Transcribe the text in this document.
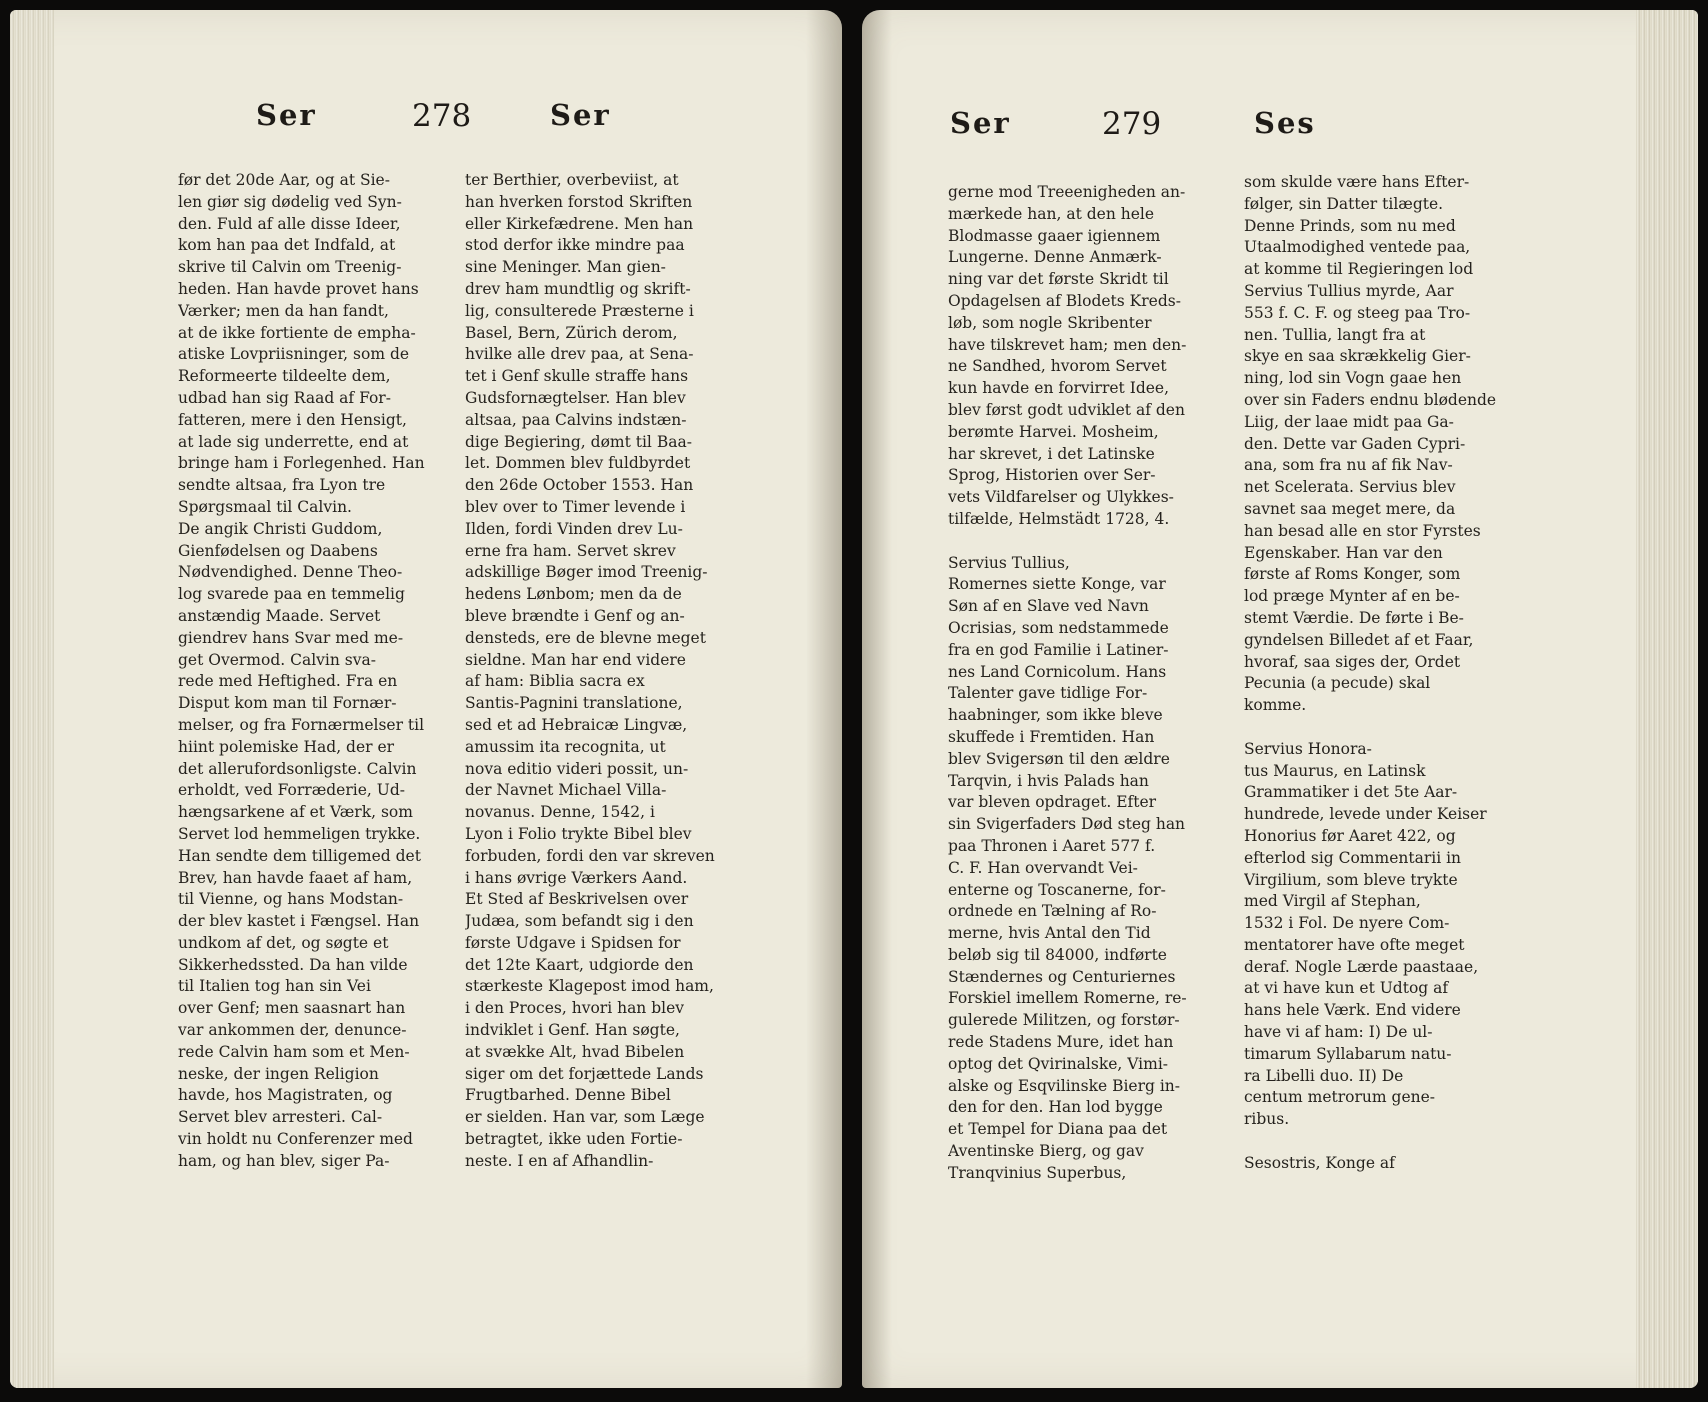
Ser	278	Ser
før det 20de Aar, og at Sie-
len giør sig dødelig ved Syn-
den. Fuld af alle disse Ideer,
kom han paa det Indfald, at
skrive til Calvin om Treenig-
heden. Han havde provet hans
Værker; men da han fandt,
at de ikke fortiente de empha-
atiske Lovpriisninger, som de
Reformeerte tildeelte dem,
udbad han sig Raad af For-
fatteren, mere i den Hensigt,
at lade sig underrette, end at
bringe ham i Forlegenhed. Han
sendte altsaa, fra Lyon tre
Spørgsmaal til Calvin.
De angik Christi Guddom,
Gienfødelsen og Daabens
Nødvendighed. Denne Theo-
log svarede paa en temmelig
anstændig Maade. Servet
giendrev hans Svar med me-
get Overmod. Calvin sva-
rede med Heftighed. Fra en
Disput kom man til Fornær-
melser, og fra Fornærmelser til
hiint polemiske Had, der er
det allerufordsonligste. Calvin
erholdt, ved Forræderie, Ud-
hængsarkene af et Værk, som
Servet lod hemmeligen trykke.
Han sendte dem tilligemed det
Brev, han havde faaet af ham,
til Vienne, og hans Modstan-
der blev kastet i Fængsel. Han
undkom af det, og søgte et
Sikkerhedssted. Da han vilde
til Italien tog han sin Vei
over Genf; men saasnart han
var ankommen der, denunce-
rede Calvin ham som et Men-
neske, der ingen Religion
havde, hos Magistraten, og
Servet blev arresteri. Cal-
vin holdt nu Conferenzer med
ham, og han blev, siger Pa-
ter Berthier, overbeviist, at
han hverken forstod Skriften
eller Kirkefædrene. Men han
stod derfor ikke mindre paa
sine Meninger. Man gien-
drev ham mundtlig og skrift-
lig, consulterede Præsterne i
Basel, Bern, Zürich derom,
hvilke alle drev paa, at Sena-
tet i Genf skulle straffe hans
Gudsfornægtelser. Han blev
altsaa, paa Calvins indstæn-
dige Begiering, dømt til Baa-
let. Dommen blev fuldbyrdet
den 26de October 1553. Han
blev over to Timer levende i
Ilden, fordi Vinden drev Lu-
erne fra ham. Servet skrev
adskillige Bøger imod Treenig-
hedens Lønbom; men da de
bleve brændte i Genf og an-
densteds, ere de blevne meget
sieldne. Man har end videre
af ham: Biblia sacra ex
Santis-Pagnini translatione,
sed et ad Hebraicæ Lingvæ,
amussim ita recognita, ut
nova editio videri possit, un-
der Navnet Michael Villa-
novanus. Denne, 1542, i
Lyon i Folio trykte Bibel blev
forbuden, fordi den var skreven
i hans øvrige Værkers Aand.
Et Sted af Beskrivelsen over
Judæa, som befandt sig i den
første Udgave i Spidsen for
det 12te Kaart, udgiorde den
stærkeste Klagepost imod ham,
i den Proces, hvori han blev
indviklet i Genf. Han søgte,
at svække Alt, hvad Bibelen
siger om det forjættede Lands
Frugtbarhed. Denne Bibel
er sielden. Han var, som Læge
betragtet, ikke uden Fortie-
neste. I en af Afhandlin-
Ser	279	Ses
gerne mod Treeenigheden an-
mærkede han, at den hele
Blodmasse gaaer igiennem
Lungerne. Denne Anmærk-
ning var det første Skridt til
Opdagelsen af Blodets Kreds-
løb, som nogle Skribenter
have tilskrevet ham; men den-
ne Sandhed, hvorom Servet
kun havde en forvirret Idee,
blev først godt udviklet af den
berømte Harvei. Mosheim,
har skrevet, i det Latinske
Sprog, Historien over Ser-
vets Vildfarelser og Ulykkes-
tilfælde, Helmstädt 1728, 4.
Servius Tullius,
Romernes siette Konge, var
Søn af en Slave ved Navn
Ocrisias, som nedstammede
fra en god Familie i Latiner-
nes Land Cornicolum. Hans
Talenter gave tidlige For-
haabninger, som ikke bleve
skuffede i Fremtiden. Han
blev Svigersøn til den ældre
Tarqvin, i hvis Palads han
var bleven opdraget. Efter
sin Svigerfaders Død steg han
paa Thronen i Aaret 577 f.
C. F. Han overvandt Vei-
enterne og Toscanerne, for-
ordnede en Tælning af Ro-
merne, hvis Antal den Tid
beløb sig til 84000, indførte
Stændernes og Centuriernes
Forskiel imellem Romerne, re-
gulerede Militzen, og forstør-
rede Stadens Mure, idet han
optog det Qvirinalske, Vimi-
alske og Esqvilinske Bierg in-
den for den. Han lod bygge
et Tempel for Diana paa det
Aventinske Bierg, og gav
Tranqvinius Superbus,
som skulde være hans Efter-
følger, sin Datter tilægte.
Denne Prinds, som nu med
Utaalmodighed ventede paa,
at komme til Regieringen lod
Servius Tullius myrde, Aar
553 f. C. F. og steeg paa Tro-
nen. Tullia, langt fra at
skye en saa skrækkelig Gier-
ning, lod sin Vogn gaae hen
over sin Faders endnu blødende
Liig, der laae midt paa Ga-
den. Dette var Gaden Cypri-
ana, som fra nu af fik Nav-
net Scelerata. Servius blev
savnet saa meget mere, da
han besad alle en stor Fyrstes
Egenskaber. Han var den
første af Roms Konger, som
lod præge Mynter af en be-
stemt Værdie. De førte i Be-
gyndelsen Billedet af et Faar,
hvoraf, saa siges der, Ordet
Pecunia (a pecude) skal
komme.
Servius Honora-
tus Maurus, en Latinsk
Grammatiker i det 5te Aar-
hundrede, levede under Keiser
Honorius før Aaret 422, og
efterlod sig Commentarii in
Virgilium, som bleve trykte
med Virgil af Stephan,
1532 i Fol. De nyere Com-
mentatorer have ofte meget
deraf. Nogle Lærde paastaae,
at vi have kun et Udtog af
hans hele Værk. End videre
have vi af ham: I) De ul-
timarum Syllabarum natu-
ra Libelli duo. II) De
centum metrorum gene-
ribus.
Sesostris, Konge af
